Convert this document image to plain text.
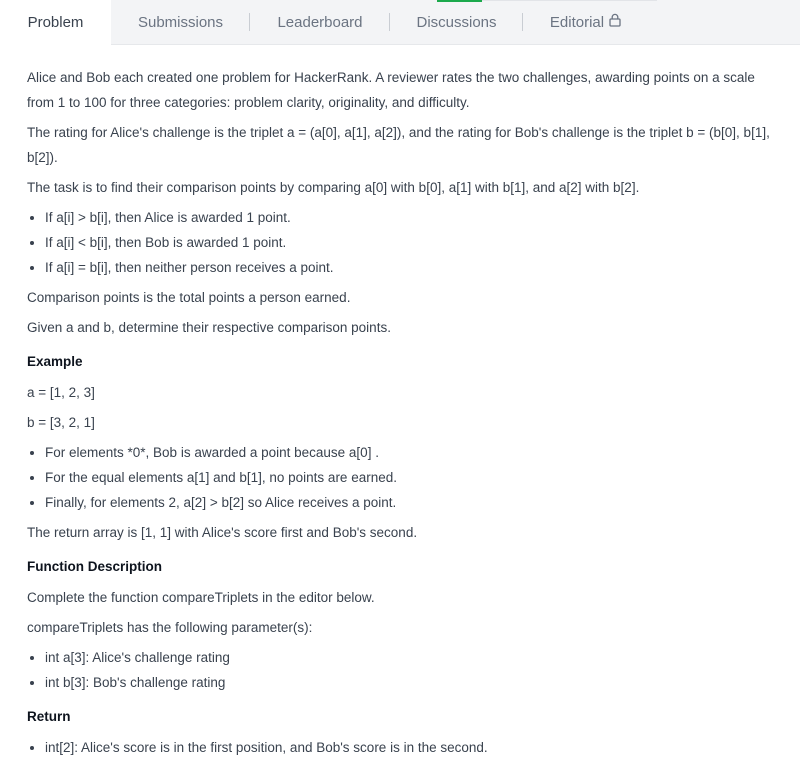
Problem	Submissions	Leaderboard	Discussions	Editorial

Alice and Bob each created one problem for HackerRank. A reviewer rates the two challenges, awarding points on a scale from 1 to 100 for three categories: problem clarity, originality, and difficulty.

The rating for Alice's challenge is the triplet a = (a[0], a[1], a[2]), and the rating for Bob's challenge is the triplet b = (b[0], b[1], b[2]).

The task is to find their comparison points by comparing a[0] with b[0], a[1] with b[1], and a[2] with b[2].

• If a[i] > b[i], then Alice is awarded 1 point.
• If a[i] < b[i], then Bob is awarded 1 point.
• If a[i] = b[i], then neither person receives a point.

Comparison points is the total points a person earned.

Given a and b, determine their respective comparison points.

Example

a = [1, 2, 3]

b = [3, 2, 1]

• For elements *0*, Bob is awarded a point because a[0] .
• For the equal elements a[1] and b[1], no points are earned.
• Finally, for elements 2, a[2] > b[2] so Alice receives a point.

The return array is [1, 1] with Alice's score first and Bob's second.

Function Description

Complete the function compareTriplets in the editor below.

compareTriplets has the following parameter(s):

• int a[3]: Alice's challenge rating
• int b[3]: Bob's challenge rating
Return
• int[2]: Alice's score is in the first position, and Bob's score is in the second.
